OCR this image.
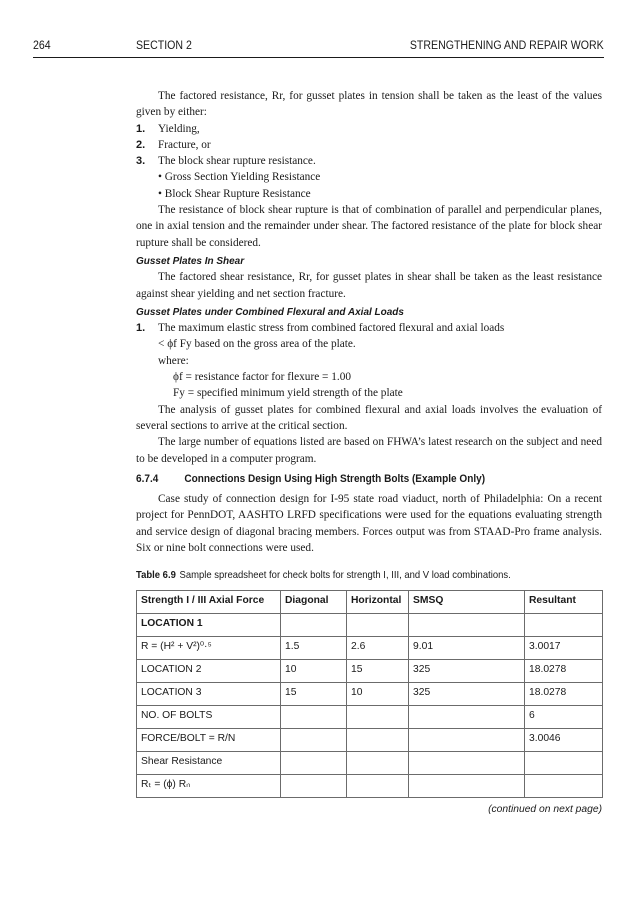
264	SECTION 2	STRENGTHENING AND REPAIR WORK

The factored resistance, Rr, for gusset plates in tension shall be taken as the least of the values given by either:

1. Yielding,

2. Fracture, or

3. The block shear rupture resistance.

• Gross Section Yielding Resistance

• Block Shear Rupture Resistance

The resistance of block shear rupture is that of combination of parallel and perpendicular planes, one in axial tension and the remainder under shear. The factored resistance of the plate for block shear rupture shall be considered.

Gusset Plates In Shear

The factored shear resistance, Rr, for gusset plates in shear shall be taken as the least resistance against shear yielding and net section fracture.

Gusset Plates under Combined Flexural and Axial Loads

1. The maximum elastic stress from combined factored flexural and axial loads

< ϕf Fy based on the gross area of the plate.

where:

ϕf = resistance factor for flexure = 1.00

Fy = specified minimum yield strength of the plate

The analysis of gusset plates for combined flexural and axial loads involves the evaluation of several sections to arrive at the critical section.

The large number of equations listed are based on FHWA’s latest research on the subject and need to be developed in a computer program.

6.7.4 Connections Design Using High Strength Bolts (Example Only)

Case study of connection design for I-95 state road viaduct, north of Philadelphia: On a recent project for PennDOT, AASHTO LRFD specifications were used for the equations evaluating strength and service design of diagonal bracing members. Forces output was from STAAD-Pro frame analysis. Six or nine bolt connections were used.

Table 6.9 Sample spreadsheet for check bolts for strength I, III, and V load combinations.

Strength I / III Axial Force	Diagonal	Horizontal	SMSQ	Resultant
LOCATION 1				
R = (H² + V²)⁰·⁵	1.5	2.6	9.01	3.0017
LOCATION 2	10	15	325	18.0278
LOCATION 3	15	10	325	18.0278
NO. OF BOLTS				6
FORCE/BOLT = R/N				3.0046
Shear Resistance				
Rₜ = (ϕ) Rₙ				
(continued on next page)
